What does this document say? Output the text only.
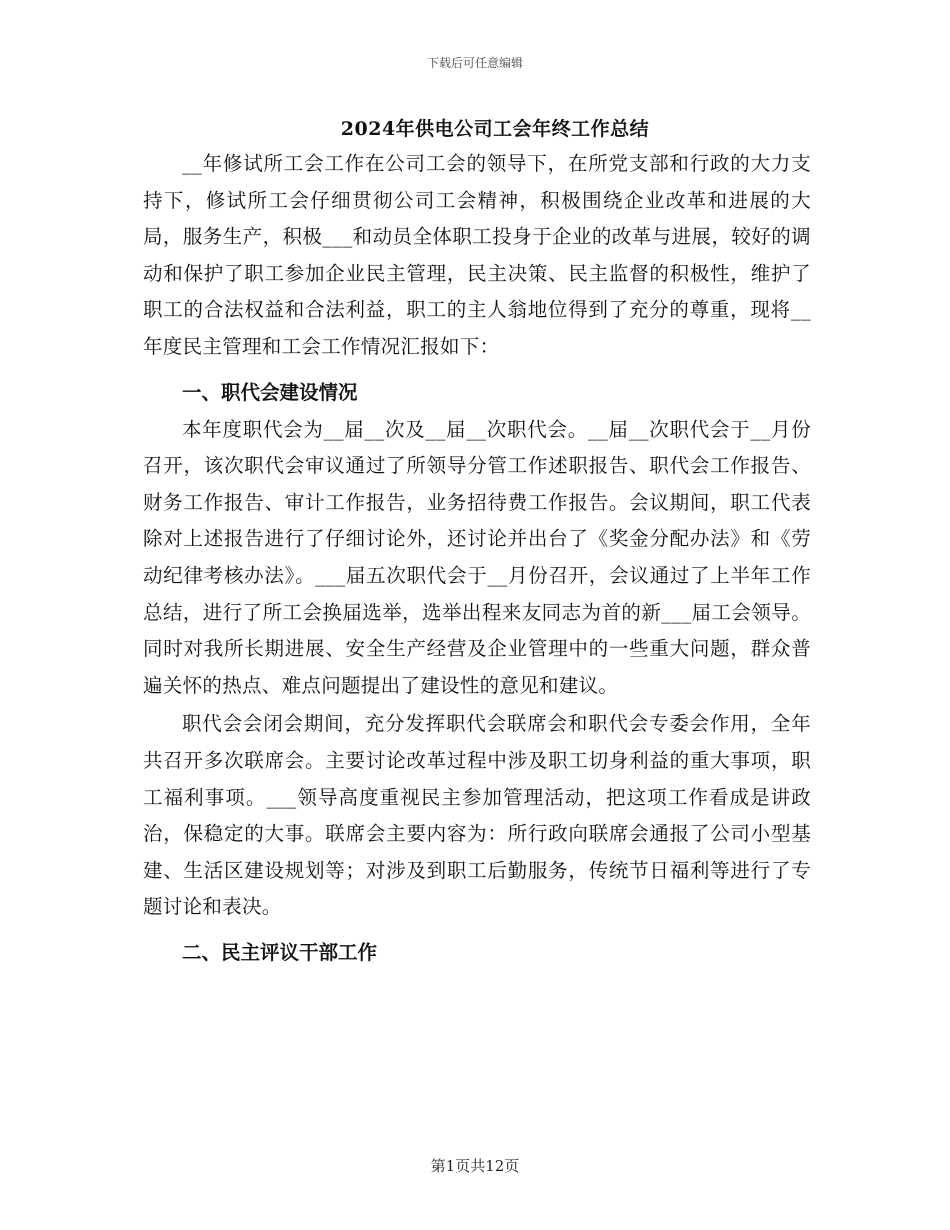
下载后可任意编辑
2024年供电公司工会年终工作总结

__年修试所工会工作在公司工会的领导下，在所党支部和行政的大力支持下，修试所工会仔细贯彻公司工会精神，积极围绕企业改革和进展的大局，服务生产，积极___和动员全体职工投身于企业的改革与进展，较好的调动和保护了职工参加企业民主管理，民主决策、民主监督的积极性，维护了职工的合法权益和合法利益，职工的主人翁地位得到了充分的尊重，现将__年度民主管理和工会工作情况汇报如下：

一、职代会建设情况

本年度职代会为__届__次及__届__次职代会。__届__次职代会于__月份召开，该次职代会审议通过了所领导分管工作述职报告、职代会工作报告、财务工作报告、审计工作报告，业务招待费工作报告。会议期间，职工代表除对上述报告进行了仔细讨论外，还讨论并出台了《奖金分配办法》和《劳动纪律考核办法》。___届五次职代会于__月份召开，会议通过了上半年工作总结，进行了所工会换届选举，选举出程来友同志为首的新___届工会领导。同时对我所长期进展、安全生产经营及企业管理中的一些重大问题，群众普遍关怀的热点、难点问题提出了建设性的意见和建议。

职代会会闭会期间，充分发挥职代会联席会和职代会专委会作用，全年共召开多次联席会。主要讨论改革过程中涉及职工切身利益的重大事项，职工福利事项。___领导高度重视民主参加管理活动，把这项工作看成是讲政治，保稳定的大事。联席会主要内容为：所行政向联席会通报了公司小型基建、生活区建设规划等；对涉及到职工后勤服务，传统节日福利等进行了专题讨论和表决。

二、民主评议干部工作

第1页共12页
